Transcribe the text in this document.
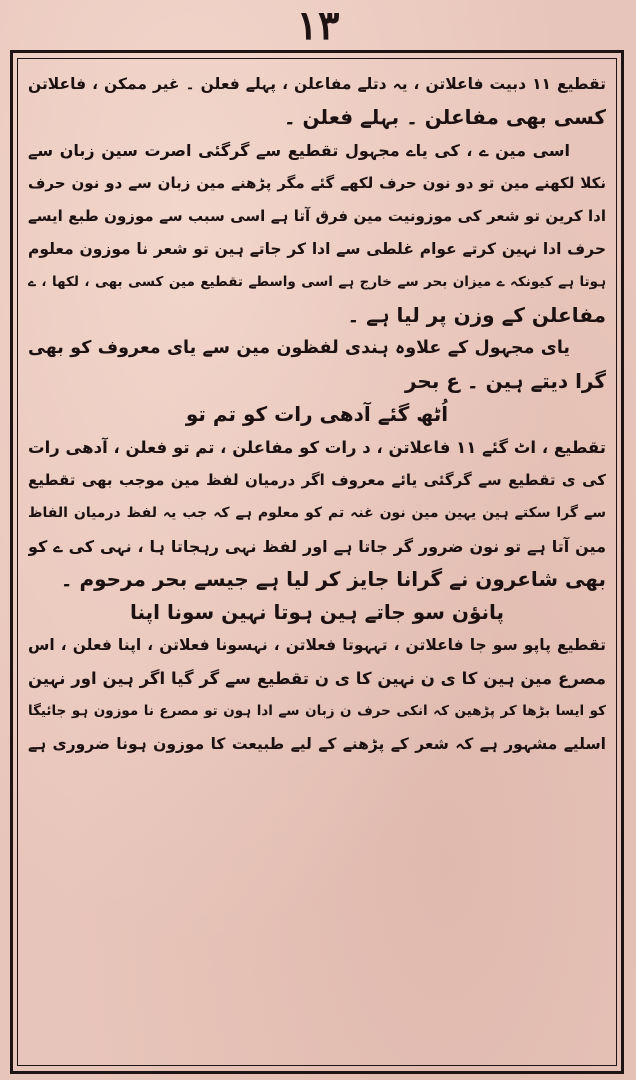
۱۳
تقطیع ۱۱ دبیت فاعلاتن ، یہ دتلے مفاعلن ، پہلے فعلن ۔ غیر ممکن ، فاعلاتن
کسی بھی مفاعلن ۔ بہلے فعلن ۔
اسی مین ے ، کی یاے مجہول تقطیع سے گرگئی اصرت سین زبان سے
نکلا لکھنے مین تو دو نون حرف لکھے گئے مگر پڑھنے مین زبان سے دو نون حرف
ادا کرین تو شعر کی موزونیت مین فرق آتا ہے اسی سبب سے موزون طبع ایسے
حرف ادا نہین کرتے عوام غلطی سے ادا کر جاتے ہین تو شعر نا موزون معلوم
ہوتا ہے کیونکہ ے میزان بحر سے خارج ہے اسی واسطے تقطیع مین کسی بھی ، لکھا ، ے
مفاعلن کے وزن پر لیا ہے ۔
یای مجہول کے علاوہ ہندی لفظون مین سے یای معروف کو بھی
گرا دیتے ہین ۔ ع بحر
اُٹھ گئے آدھی رات کو تم تو
تقطیع ، اٹ گئے ۱۱ فاعلاتن ، د رات کو مفاعلن ، تم تو فعلن ، آدھی رات
کی ی تقطیع سے گرگئی یائے معروف اگر درمیان لفظ مین موجب بھی تقطیع
سے گرا سکتے ہین یہین مین نون غنہ تم کو معلوم ہے کہ جب یہ لفظ درمیان الفاظ
مین آتا ہے تو نون ضرور گر جاتا ہے اور لفظ نہی رہجاتا ہا ، نہی کی ے کو
بھی شاعرون نے گرانا جایز کر لیا ہے جیسے بحر مرحوم ۔
پانؤن سو جاتے ہین ہوتا نہین سونا اپنا
تقطیع پاپو سو جا فاعلاتن ، تہہوتا فعلاتن ، نہسونا فعلاتن ، اپنا فعلن ، اس
مصرع مین ہین کا ی ن نہین کا ی ن تقطیع سے گر گیا اگر ہین اور نہین
کو ایسا بڑھا کر پڑھین کہ انکی حرف ن زبان سے ادا ہون تو مصرع نا موزون ہو جائیگا
اسلیے مشہور ہے کہ شعر کے پڑھنے کے لیے طبیعت کا موزون ہونا ضروری ہے
